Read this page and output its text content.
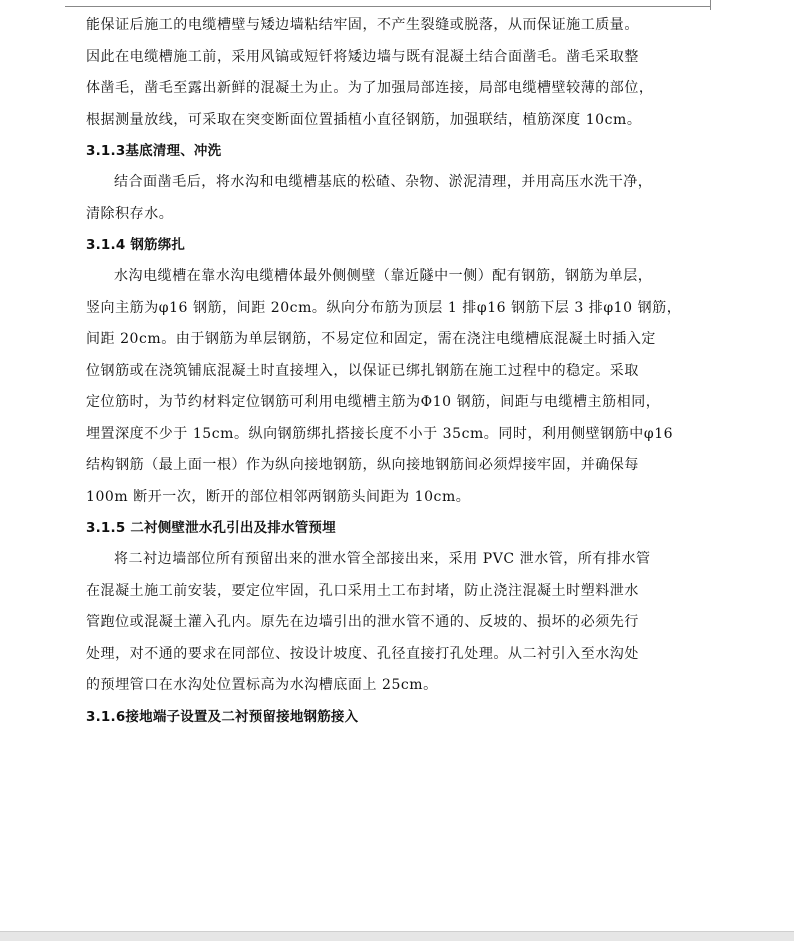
能保证后施工的电缆槽壁与矮边墙粘结牢固，不产生裂缝或脱落，从而保证施工质量。
因此在电缆槽施工前，采用风镐或短钎将矮边墙与既有混凝土结合面凿毛。凿毛采取整
体凿毛，凿毛至露出新鲜的混凝土为止。为了加强局部连接，局部电缆槽壁较薄的部位，
根据测量放线，可采取在突变断面位置插植小直径钢筋，加强联结，植筋深度 10cm。
3.1.3基底清理、冲洗
结合面凿毛后，将水沟和电缆槽基底的松碴、杂物、淤泥清理，并用高压水洗干净，
清除积存水。
3.1.4 钢筋绑扎
水沟电缆槽在靠水沟电缆槽体最外侧侧壁（靠近隧中一侧）配有钢筋，钢筋为单层，
竖向主筋为φ16 钢筋，间距 20cm。纵向分布筋为顶层 1 排φ16 钢筋下层 3 排φ10 钢筋，
间距 20cm。由于钢筋为单层钢筋，不易定位和固定，需在浇注电缆槽底混凝土时插入定
位钢筋或在浇筑铺底混凝土时直接埋入，以保证已绑扎钢筋在施工过程中的稳定。采取
定位筋时，为节约材料定位钢筋可利用电缆槽主筋为Φ10 钢筋，间距与电缆槽主筋相同，
埋置深度不少于 15cm。纵向钢筋绑扎搭接长度不小于 35cm。同时，利用侧壁钢筋中φ16
结构钢筋（最上面一根）作为纵向接地钢筋，纵向接地钢筋间必须焊接牢固，并确保每
100m 断开一次，断开的部位相邻两钢筋头间距为 10cm。
3.1.5 二衬侧壁泄水孔引出及排水管预埋
将二衬边墙部位所有预留出来的泄水管全部接出来，采用 PVC 泄水管，所有排水管
在混凝土施工前安装，要定位牢固，孔口采用土工布封堵，防止浇注混凝土时塑料泄水
管跑位或混凝土灌入孔内。原先在边墙引出的泄水管不通的、反坡的、损坏的必须先行
处理，对不通的要求在同部位、按设计坡度、孔径直接打孔处理。从二衬引入至水沟处
的预埋管口在水沟处位置标高为水沟槽底面上 25cm。
3.1.6接地端子设置及二衬预留接地钢筋接入
